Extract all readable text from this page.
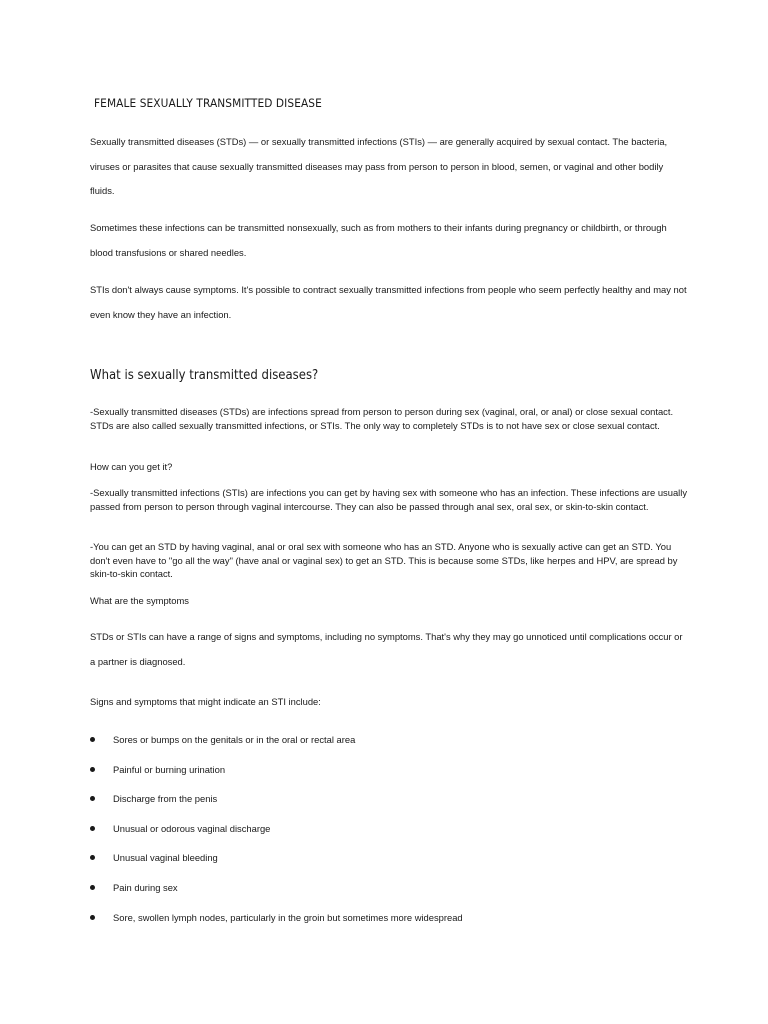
FEMALE SEXUALLY TRANSMITTED DISEASE

Sexually transmitted diseases (STDs) — or sexually transmitted infections (STIs) — are generally acquired by sexual contact. The bacteria, viruses or parasites that cause sexually transmitted diseases may pass from person to person in blood, semen, or vaginal and other bodily fluids.

Sometimes these infections can be transmitted nonsexually, such as from mothers to their infants during pregnancy or childbirth, or through blood transfusions or shared needles.

STIs don't always cause symptoms. It's possible to contract sexually transmitted infections from people who seem perfectly healthy and may not even know they have an infection.

What is sexually transmitted diseases?

-Sexually transmitted diseases (STDs) are infections spread from person to person during sex (vaginal, oral, or anal) or close sexual contact. STDs are also called sexually transmitted infections, or STIs. The only way to completely STDs is to not have sex or close sexual contact.

How can you get it?

-Sexually transmitted infections (STIs) are infections you can get by having sex with someone who has an infection. These infections are usually passed from person to person through vaginal intercourse. They can also be passed through anal sex, oral sex, or skin-to-skin contact.

-You can get an STD by having vaginal, anal or oral sex with someone who has an STD. Anyone who is sexually active can get an STD. You don't even have to "go all the way" (have anal or vaginal sex) to get an STD. This is because some STDs, like herpes and HPV, are spread by skin-to-skin contact.

What are the symptoms

STDs or STIs can have a range of signs and symptoms, including no symptoms. That's why they may go unnoticed until complications occur or a partner is diagnosed.

Signs and symptoms that might indicate an STI include:

Sores or bumps on the genitals or in the oral or rectal area
Painful or burning urination
Discharge from the penis
Unusual or odorous vaginal discharge
Unusual vaginal bleeding
Pain during sex
Sore, swollen lymph nodes, particularly in the groin but sometimes more widespread
